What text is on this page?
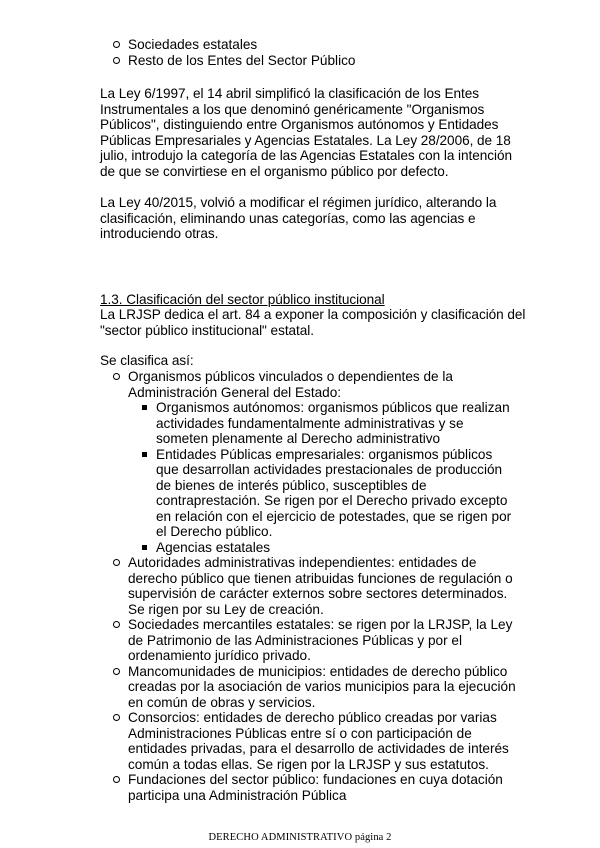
Sociedades estatales
Resto de los Entes del Sector Público

La Ley 6/1997, el 14 abril simplificó la clasificación de los Entes Instrumentales a los que denominó genéricamente "Organismos Públicos", distinguiendo entre Organismos autónomos y Entidades Públicas Empresariales y Agencias Estatales. La Ley 28/2006, de 18 julio, introdujo la categoría de las Agencias Estatales con la intención de que se convirtiese en el organismo público por defecto.

La Ley 40/2015, volvió a modificar el régimen jurídico, alterando la clasificación, eliminando unas categorías, como las agencias e introduciendo otras.

1.3. Clasificación del sector público institucional

La LRJSP dedica el art. 84 a exponer la composición y clasificación del "sector público institucional" estatal.

Se clasifica así:

Organismos públicos vinculados o dependientes de la Administración General del Estado:
Organismos autónomos: organismos públicos que realizan actividades fundamentalmente administrativas y se someten plenamente al Derecho administrativo
Entidades Públicas empresariales: organismos públicos que desarrollan actividades prestacionales de producción de bienes de interés público, susceptibles de contraprestación. Se rigen por el Derecho privado excepto en relación con el ejercicio de potestades, que se rigen por el Derecho público.
Agencias estatales
Autoridades administrativas independientes: entidades de derecho público que tienen atribuidas funciones de regulación o supervisión de carácter externos sobre sectores determinados. Se rigen por su Ley de creación.
Sociedades mercantiles estatales: se rigen por la LRJSP, la Ley de Patrimonio de las Administraciones Públicas y por el ordenamiento jurídico privado.
Mancomunidades de municipios: entidades de derecho público creadas por la asociación de varios municipios para la ejecución en común de obras y servicios.
Consorcios: entidades de derecho público creadas por varias Administraciones Públicas entre sí o con participación de entidades privadas, para el desarrollo de actividades de interés común a todas ellas. Se rigen por la LRJSP y sus estatutos.
Fundaciones del sector público: fundaciones en cuya dotación participa una Administración Pública
DERECHO ADMINISTRATIVO página 2
